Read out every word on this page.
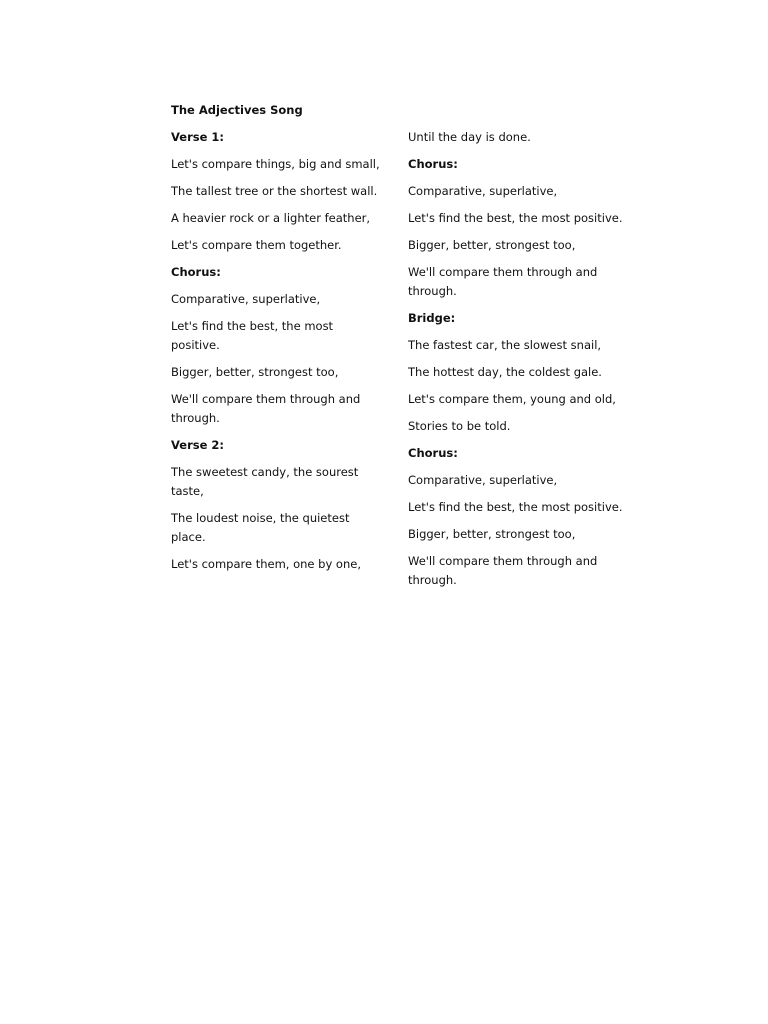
The Adjectives Song
Verse 1:
Let's compare things, big and small,
The tallest tree or the shortest wall.
A heavier rock or a lighter feather,
Let's compare them together.
Chorus:
Comparative, superlative,
Let's find the best, the most positive.
Bigger, better, strongest too,
We'll compare them through and through.
Verse 2:
The sweetest candy, the sourest taste,
The loudest noise, the quietest place.
Let's compare them, one by one,
Until the day is done.
Chorus:
Comparative, superlative,
Let's find the best, the most positive.
Bigger, better, strongest too,
We'll compare them through and through.
Bridge:
The fastest car, the slowest snail,
The hottest day, the coldest gale.
Let's compare them, young and old,
Stories to be told.
Chorus:
Comparative, superlative,
Let's find the best, the most positive.
Bigger, better, strongest too,
We'll compare them through and through.
